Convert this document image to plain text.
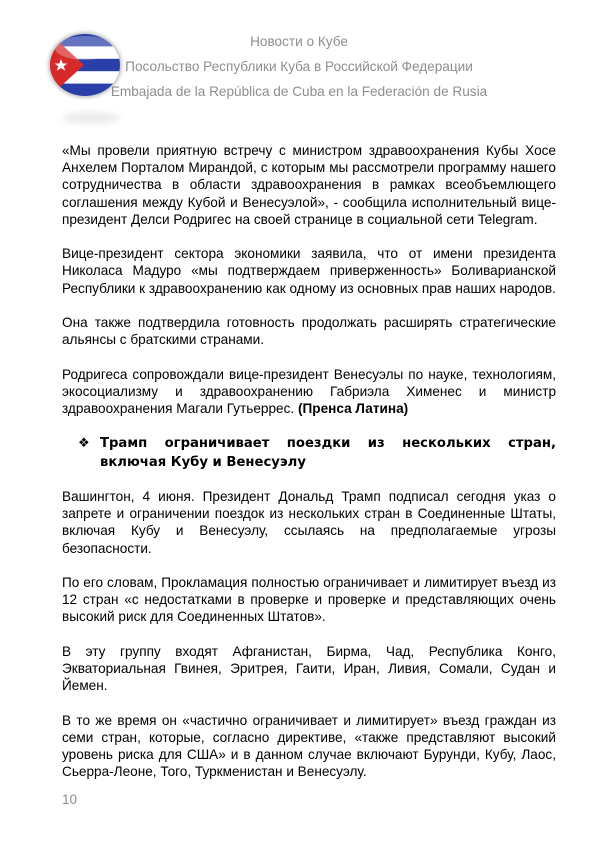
Новости о Кубе
Посольство Республики Куба в Российской Федерации
Embajada de la República de Cuba en la Federación de Rusia

«Мы провели приятную встречу с министром здравоохранения Кубы Хосе Анхелем Порталом Мирандой, с которым мы рассмотрели программу нашего сотрудничества в области здравоохранения в рамках всеобъемлющего соглашения между Кубой и Венесуэлой», - сообщила исполнительный вице-президент Делси Родригес на своей странице в социальной сети Telegram.

Вице-президент сектора экономики заявила, что от имени президента Николаса Мадуро «мы подтверждаем приверженность» Боливарианской Республики к здравоохранению как одному из основных прав наших народов.

Она также подтвердила готовность продолжать расширять стратегические альянсы с братскими странами.

Родригеса сопровождали вице-президент Венесуэлы по науке, технологиям, экосоциализму и здравоохранению Габриэла Хименес и министр здравоохранения Магали Гутьеррес. (Пренса Латина)

❖ Трамп ограничивает поездки из нескольких стран, включая Кубу и Венесуэлу

Вашингтон, 4 июня. Президент Дональд Трамп подписал сегодня указ о запрете и ограничении поездок из нескольких стран в Соединенные Штаты, включая Кубу и Венесуэлу, ссылаясь на предполагаемые угрозы безопасности.

По его словам, Прокламация полностью ограничивает и лимитирует въезд из 12 стран «с недостатками в проверке и проверке и представляющих очень высокий риск для Соединенных Штатов».

В эту группу входят Афганистан, Бирма, Чад, Республика Конго, Экваториальная Гвинея, Эритрея, Гаити, Иран, Ливия, Сомали, Судан и Йемен.

В то же время он «частично ограничивает и лимитирует» въезд граждан из семи стран, которые, согласно директиве, «также представляют высокий уровень риска для США» и в данном случае включают Бурунди, Кубу, Лаос, Сьерра-Леоне, Того, Туркменистан и Венесуэлу.

10
